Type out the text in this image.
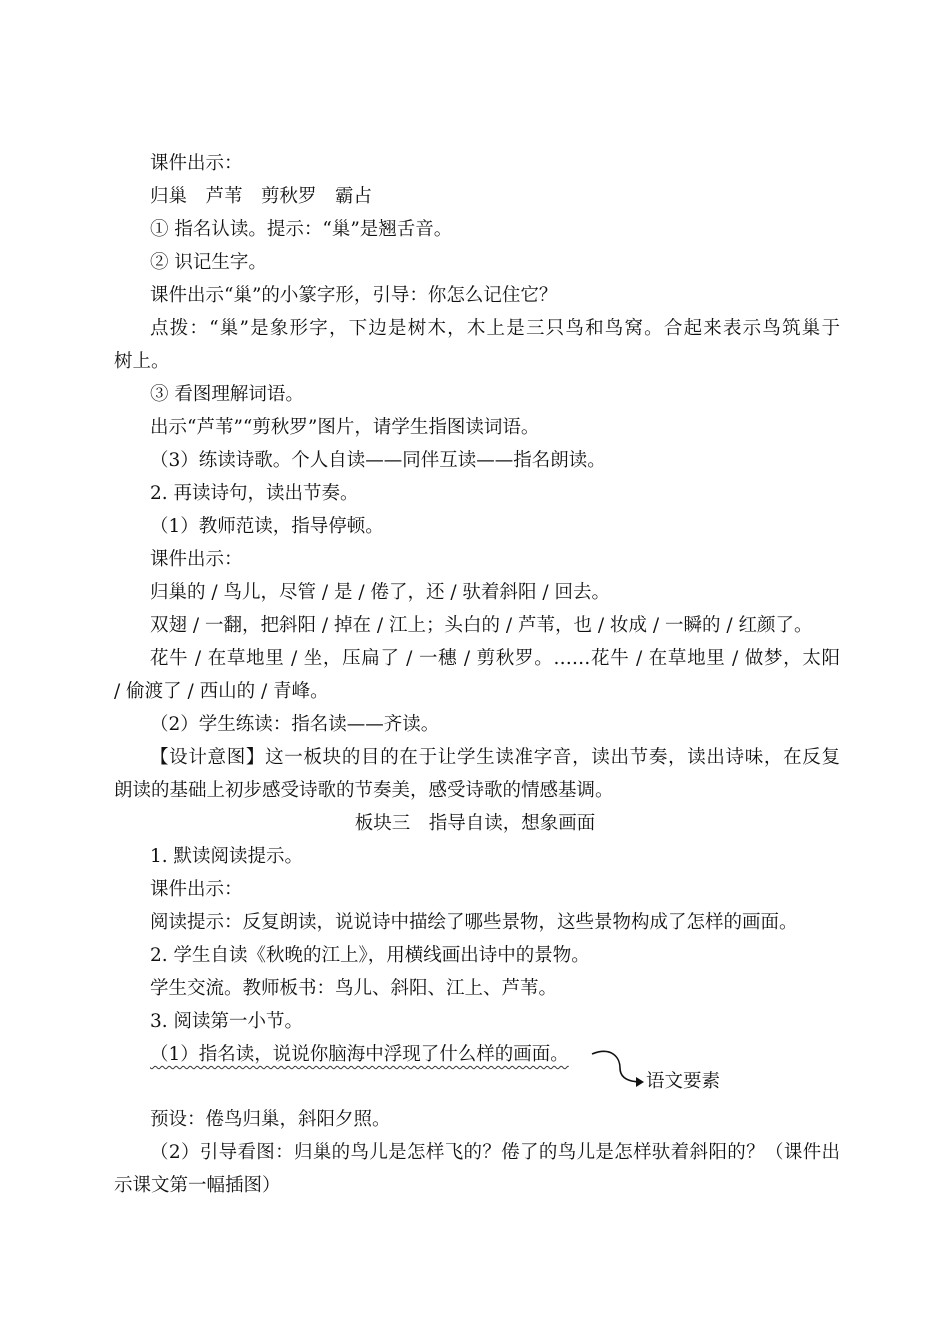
课件出示：
归巢　芦苇　剪秋罗　霸占
① 指名认读。提示：“巢”是翘舌音。
② 识记生字。
课件出示“巢”的小篆字形，引导：你怎么记住它？
点拨：“巢”是象形字，下边是树木，木上是三只鸟和鸟窝。合起来表示鸟筑巢于
树上。
③ 看图理解词语。
出示“芦苇”“剪秋罗”图片，请学生指图读词语。
（3）练读诗歌。个人自读——同伴互读——指名朗读。
2. 再读诗句，读出节奏。
（1）教师范读，指导停顿。
课件出示：
归巢的 / 鸟儿，尽管 / 是 / 倦了，还 / 驮着斜阳 / 回去。
双翅 / 一翻，把斜阳 / 掉在 / 江上；头白的 / 芦苇，也 / 妆成 / 一瞬的 / 红颜了。
花牛 / 在草地里 / 坐，压扁了 / 一穗 / 剪秋罗。……花牛 / 在草地里 / 做梦，太阳
/ 偷渡了 / 西山的 / 青峰。
（2）学生练读：指名读——齐读。
【设计意图】这一板块的目的在于让学生读准字音，读出节奏，读出诗味，在反复
朗读的基础上初步感受诗歌的节奏美，感受诗歌的情感基调。
板块三　指导自读，想象画面
1. 默读阅读提示。
课件出示：
阅读提示：反复朗读，说说诗中描绘了哪些景物，这些景物构成了怎样的画面。
2. 学生自读《秋晚的江上》，用横线画出诗中的景物。
学生交流。教师板书：鸟儿、斜阳、江上、芦苇。
3. 阅读第一小节。
（1）指名读，说说你脑海中浮现了什么样的画面。
语文要素
预设：倦鸟归巢，斜阳夕照。
（2）引导看图：归巢的鸟儿是怎样飞的？倦了的鸟儿是怎样驮着斜阳的？（课件出
示课文第一幅插图）
